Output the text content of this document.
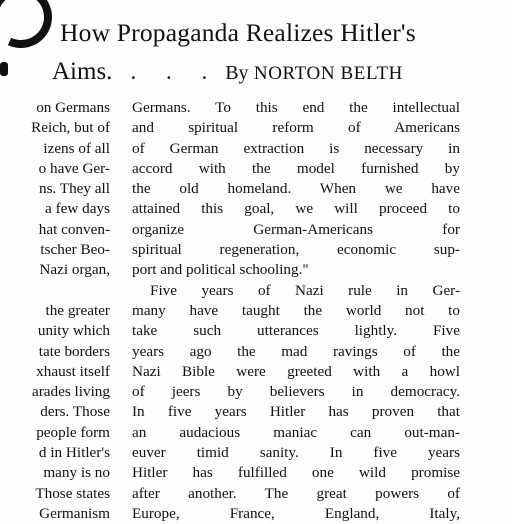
How Propaganda Realizes Hitler's
Aims. . . . By NORTON BELTH
on Germans
Reich, but of
izens of all
o have Ger-
ns. They all
a few days
hat conven-
tscher Beo-
Nazi organ,
the greater
unity which
tate borders
xhaust itself
arades living
ders. Those
people form
d in Hitler's
many is no
Those states
Germanism
Germans. To this end the intellectual
and spiritual reform of Americans
of German extraction is necessary in
accord with the model furnished by
the old homeland. When we have
attained this goal, we will proceed to
organize German-Americans for
spiritual regeneration, economic sup-
port and political schooling."
Five years of Nazi rule in Ger-
many have taught the world not to
take such utterances lightly. Five
years ago the mad ravings of the
Nazi Bible were greeted with a howl
of jeers by believers in democracy.
In five years Hitler has proven that
an audacious maniac can out-man-
euver timid sanity. In five years
Hitler has fulfilled one wild promise
after another. The great powers of
Europe, France, England, Italy,
